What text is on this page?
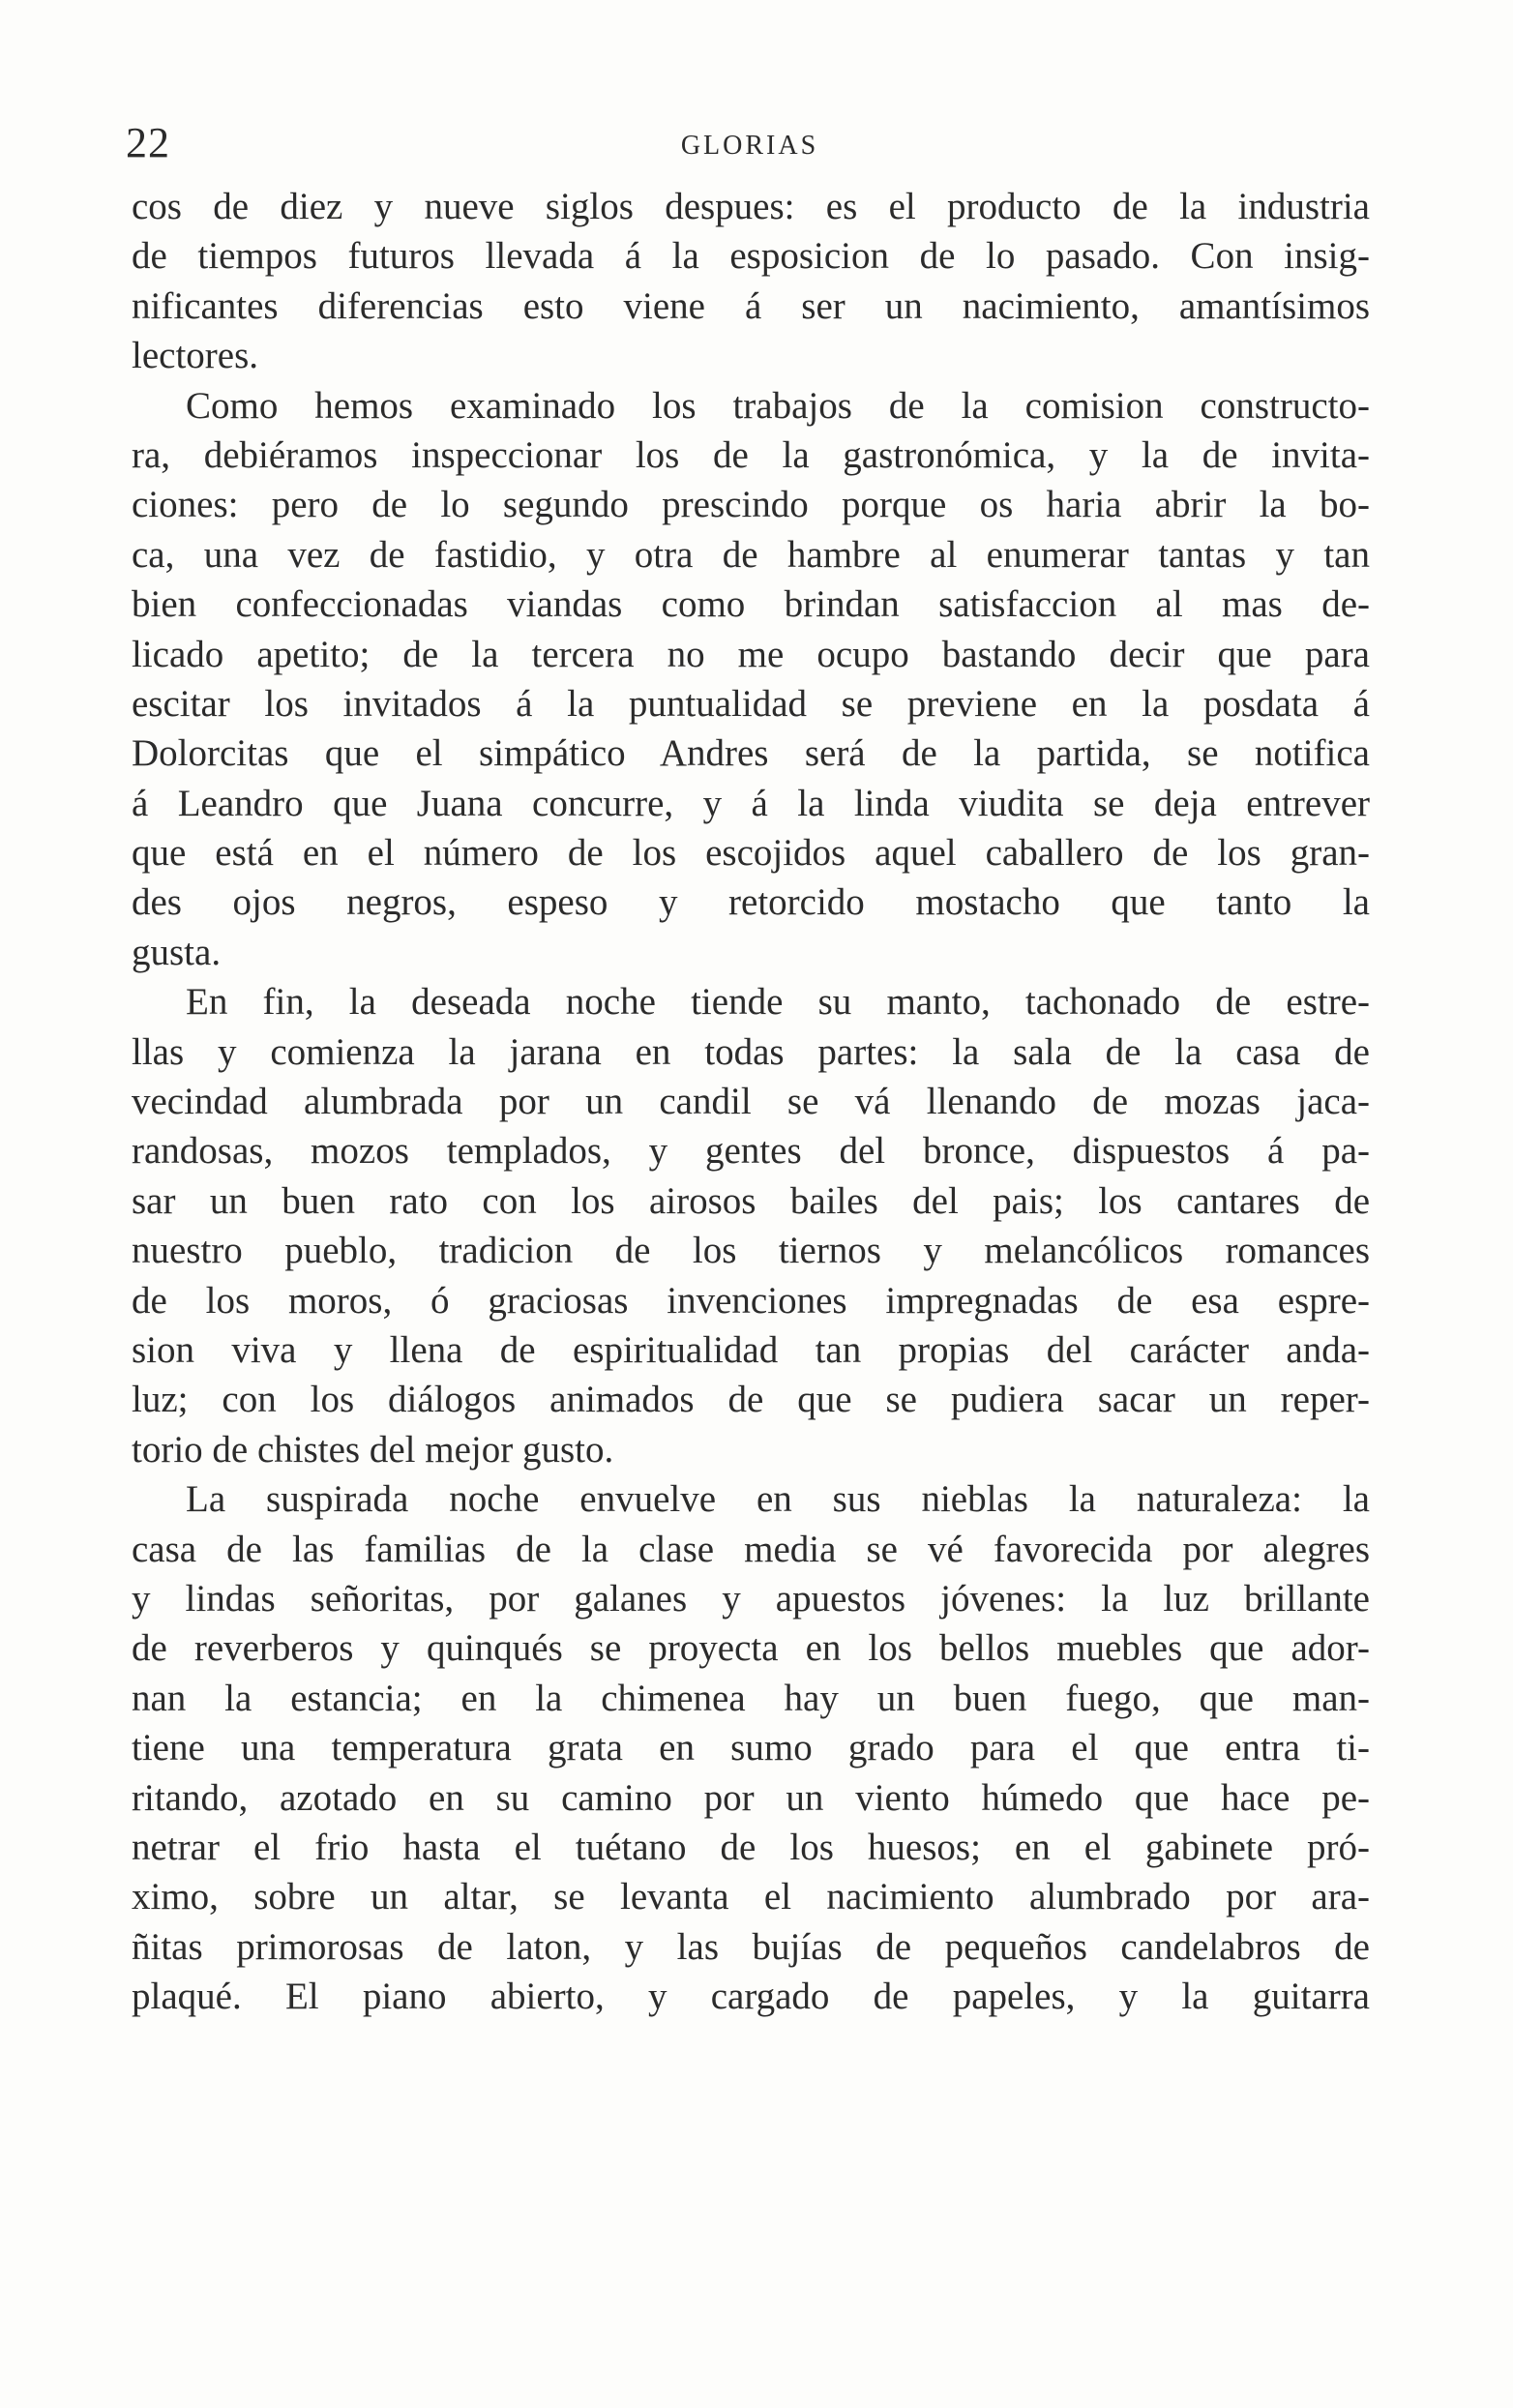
22	GLORIAS
cos de diez y nueve siglos despues: es el producto de la industria
de tiempos futuros llevada á la esposicion de lo pasado. Con insig-
nificantes diferencias esto viene á ser un nacimiento, amantísimos
lectores.
Como hemos examinado los trabajos de la comision constructo-
ra, debiéramos inspeccionar los de la gastronómica, y la de invita-
ciones: pero de lo segundo prescindo porque os haria abrir la bo-
ca, una vez de fastidio, y otra de hambre al enumerar tantas y tan
bien confeccionadas viandas como brindan satisfaccion al mas de-
licado apetito; de la tercera no me ocupo bastando decir que para
escitar los invitados á la puntualidad se previene en la posdata á
Dolorcitas que el simpático Andres será de la partida, se notifica
á Leandro que Juana concurre, y á la linda viudita se deja entrever
que está en el número de los escojidos aquel caballero de los gran-
des ojos negros, espeso y retorcido mostacho que tanto la
gusta.
En fin, la deseada noche tiende su manto, tachonado de estre-
llas y comienza la jarana en todas partes: la sala de la casa de
vecindad alumbrada por un candil se vá llenando de mozas jaca-
randosas, mozos templados, y gentes del bronce, dispuestos á pa-
sar un buen rato con los airosos bailes del pais; los cantares de
nuestro pueblo, tradicion de los tiernos y melancólicos romances
de los moros, ó graciosas invenciones impregnadas de esa espre-
sion viva y llena de espiritualidad tan propias del carácter anda-
luz; con los diálogos animados de que se pudiera sacar un reper-
torio de chistes del mejor gusto.
La suspirada noche envuelve en sus nieblas la naturaleza: la
casa de las familias de la clase media se vé favorecida por alegres
y lindas señoritas, por galanes y apuestos jóvenes: la luz brillante
de reverberos y quinqués se proyecta en los bellos muebles que ador-
nan la estancia; en la chimenea hay un buen fuego, que man-
tiene una temperatura grata en sumo grado para el que entra ti-
ritando, azotado en su camino por un viento húmedo que hace pe-
netrar el frio hasta el tuétano de los huesos; en el gabinete pró-
ximo, sobre un altar, se levanta el nacimiento alumbrado por ara-
ñitas primorosas de laton, y las bujías de pequeños candelabros de
plaqué. El piano abierto, y cargado de papeles, y la guitarra
